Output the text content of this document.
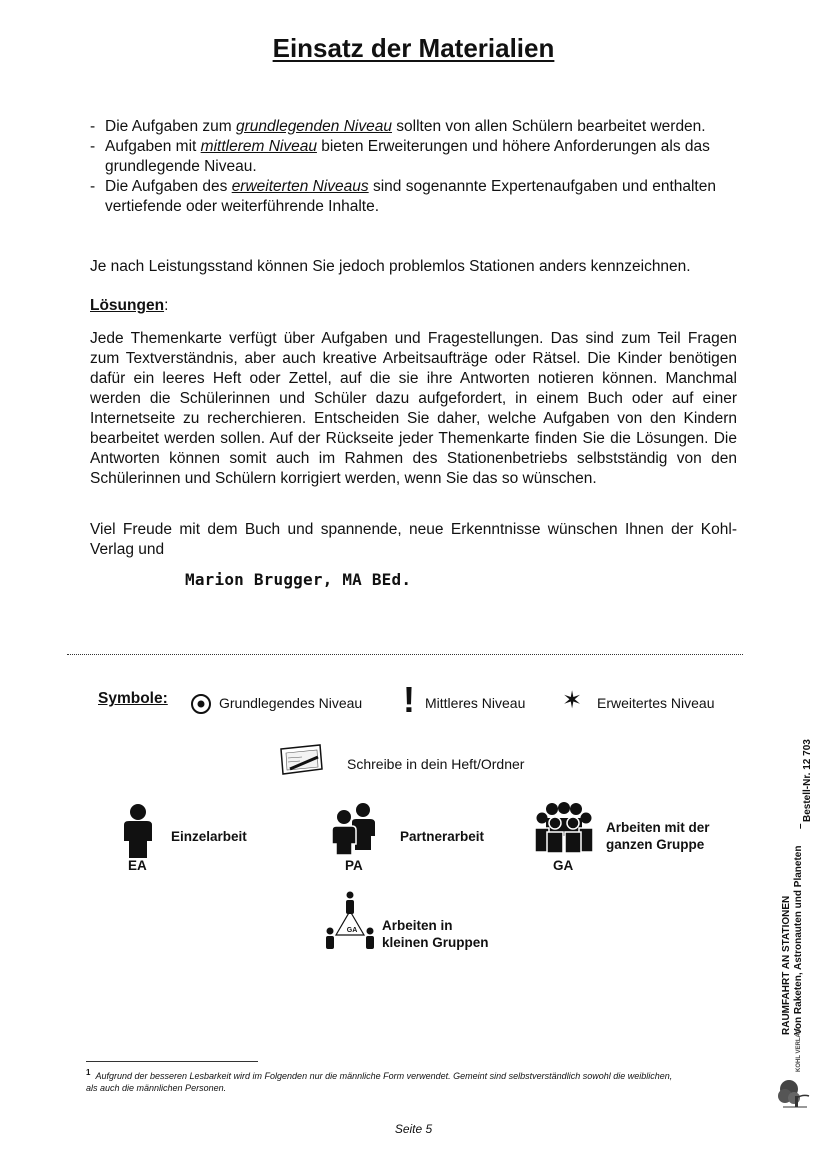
Einsatz der Materialien
- Die Aufgaben zum grundlegenden Niveau sollten von allen Schülern bearbeitet werden.
- Aufgaben mit mittlerem Niveau bieten Erweiterungen und höhere Anforderungen als das grundlegende Niveau.
- Die Aufgaben des erweiterten Niveaus sind sogenannte Expertenaufgaben und enthalten vertiefende oder weiterführende Inhalte.
Je nach Leistungsstand können Sie jedoch problemlos Stationen anders kennzeichnen.
Lösungen:
Jede Themenkarte verfügt über Aufgaben und Fragestellungen. Das sind zum Teil Fragen zum Textverständnis, aber auch kreative Arbeitsaufträge oder Rätsel. Die Kinder benötigen dafür ein leeres Heft oder Zettel, auf die sie ihre Antworten notieren können. Manchmal werden die Schülerinnen und Schüler dazu aufgefordert, in einem Buch oder auf einer Internetseite zu recherchieren. Entscheiden Sie daher, welche Aufgaben von den Kindern bearbeitet werden sollen. Auf der Rückseite jeder Themenkarte finden Sie die Lösungen. Die Antworten können somit auch im Rahmen des Stationenbetriebs selbstständig von den Schülerinnen und Schülern korrigiert werden, wenn Sie das so wünschen.
Viel Freude mit dem Buch und spannende, neue Erkenntnisse wünschen Ihnen der Kohl-Verlag und
Marion Brugger, MA BEd.
Symbole:	Grundlegendes Niveau ! Mittleres Niveau ✶ Erweitertes Niveau
Schreibe in dein Heft/Ordner
EA
Einzelarbeit
PA
Partnerarbeit
GA
Arbeiten mit der
ganzen Gruppe
GA	Arbeiten in
kleinen Gruppen
$^1$ Aufgrund der besseren Lesbarkeit wird im Folgenden nur die männliche Form verwendet. Gemeint sind selbstverständlich sowohl die weiblichen, als auch die männlichen Personen.
Seite 5
RAUMFAHRT AN STATIONEN Von Raketen, Astronauten und Planeten
–
Bestell-Nr. 12 703
KOHL VERLAG
